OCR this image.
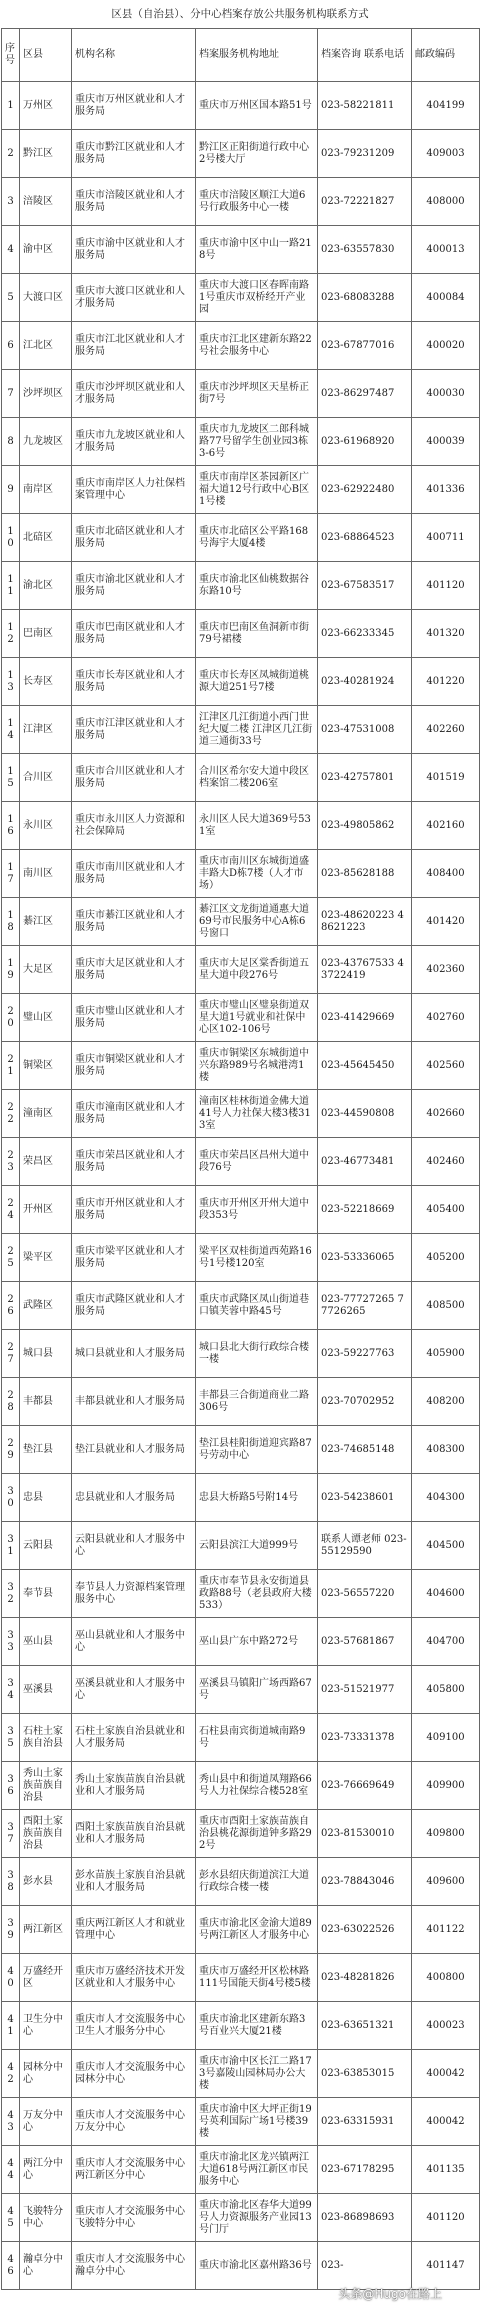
区县（自治县）、分中心档案存放公共服务机构联系方式
序号	区县	机构名称	档案服务机构地址	档案咨询 联系电话	邮政编码
1	万州区	重庆市万州区就业和人才服务局	重庆市万州区国本路51号	023-58221811	404199
2	黔江区	重庆市黔江区就业和人才服务局	黔江区正阳街道行政中心2号楼大厅	023-79231209	409003
3	涪陵区	重庆市涪陵区就业和人才服务局	重庆市涪陵区顺江大道6号行政服务中心一楼	023-72221827	408000
4	渝中区	重庆市渝中区就业和人才服务局	重庆市渝中区中山一路218号	023-63557830	400013
5	大渡口区	重庆市大渡口区就业和人才服务局	重庆市大渡口区春晖南路1号重庆市双桥经开产业园	023-68083288	400084
6	江北区	重庆市江北区就业和人才服务局	重庆市江北区建新东路22号社会服务中心	023-67877016	400020
7	沙坪坝区	重庆市沙坪坝区就业和人才服务局	重庆市沙坪坝区天星桥正街7号	023-86297487	400030
8	九龙坡区	重庆市九龙坡区就业和人才服务局	重庆市九龙坡区二郎科城路77号留学生创业园3栋3-6号	023-61968920	400039
9	南岸区	重庆市南岸区人力社保档案管理中心	重庆市南岸区茶园新区广福大道12号行政中心B区1号楼	023-62922480	401336
10	北碚区	重庆市北碚区就业和人才服务局	重庆市北碚区公平路168号海宇大厦4楼	023-68864523	400711
11	渝北区	重庆市渝北区就业和人才服务局	重庆市渝北区仙桃数据谷东路10号	023-67583517	401120
12	巴南区	重庆市巴南区就业和人才服务局	重庆市巴南区鱼洞新市街79号裙楼	023-66233345	401320
13	长寿区	重庆市长寿区就业和人才服务局	重庆市长寿区凤城街道桃源大道251号7楼	023-40281924	401220
14	江津区	重庆市江津区就业和人才服务局	江津区几江街道小西门世纪大厦二楼 江津区几江街道三通街33号	023-47531008	402260
15	合川区	重庆市合川区就业和人才服务局	合川区希尔安大道中段区档案馆二楼206室	023-42757801	401519
16	永川区	重庆市永川区人力资源和社会保障局	永川区人民大道369号531室	023-49805862	402160
17	南川区	重庆市南川区就业和人才服务局	重庆市南川区东城街道盛丰路大D栋7楼（人才市场）	023-85628188	408400
18	綦江区	重庆市綦江区就业和人才服务局	綦江区文龙街道通惠大道69号市民服务中心A栋6号窗口	023-48620223 48621223	401420
19	大足区	重庆市大足区就业和人才服务局	重庆市大足区棠香街道五星大道中段276号	023-43767533 43722419	402360
20	璧山区	重庆市璧山区就业和人才服务局	重庆市璧山区璧泉街道双星大道1号就业和社保中心区102-106号	023-41429669	402760
21	铜梁区	重庆市铜梁区就业和人才服务局	重庆市铜梁区东城街道中兴东路989号名城港湾1楼	023-45645450	402560
22	潼南区	重庆市潼南区就业和人才服务局	潼南区桂林街道金佛大道41号人力社保大楼3楼313室	023-44590808	402660
23	荣昌区	重庆市荣昌区就业和人才服务局	重庆市荣昌区昌州大道中段76号	023-46773481	402460
24	开州区	重庆市开州区就业和人才服务局	重庆市开州区开州大道中段353号	023-52218669	405400
25	梁平区	重庆市梁平区就业和人才服务局	梁平区双桂街道西苑路16号1号楼120室	023-53336065	405200
26	武隆区	重庆市武隆区就业和人才服务局	重庆市武隆区凤山街道巷口镇芙蓉中路45号	023-77727265 77726265	408500
27	城口县	城口县就业和人才服务局	城口县北大街行政综合楼一楼	023-59227763	405900
28	丰都县	丰都县就业和人才服务局	丰都县三合街道商业二路306号	023-70702952	408200
29	垫江县	垫江县就业和人才服务局	垫江县桂阳街道迎宾路87号劳动中心	023-74685148	408300
30	忠县	忠县就业和人才服务局	忠县大桥路5号附14号	023-54238601	404300
31	云阳县	云阳县就业和人才服务中心	云阳县滨江大道999号	联系人谭老师 023-55129590	404500
32	奉节县	奉节县人力资源档案管理服务中心	重庆市奉节县永安街道县政路88号（老县政府大楼533）	023-56557220	404600
33	巫山县	巫山县就业和人才服务中心	巫山县广东中路272号	023-57681867	404700
34	巫溪县	巫溪县就业和人才服务中心	巫溪县马镇阳广场西路67号	023-51521977	405800
35	石柱土家族自治县	石柱土家族自治县就业和人才服务局	石柱县南宾街道城南路9号	023-73331378	409100
36	秀山土家族苗族自治县	秀山土家族苗族自治县就业和人才服务局	秀山县中和街道凤翔路66号人力社保综合楼528室	023-76669649	409900
37	酉阳土家族苗族自治县	酉阳土家族苗族自治县就业和人才服务局	重庆市酉阳土家族苗族自治县桃花源街道钟多路292号	023-81530010	409800
38	彭水县	彭水苗族土家族自治县就业和人才服务局	彭水县绍庆街道滨江大道行政综合楼一楼	023-78843046	409600
39	两江新区	重庆两江新区人才和就业管理中心	重庆市渝北区金渝大道89号两江新区人才服务中心	023-63022526	401122
40	万盛经开区	重庆市万盛经济技术开发区就业和人才服务中心	重庆市万盛经开区松林路111号国能天街4号楼5楼	023-48281826	400800
41	卫生分中心	重庆市人才交流服务中心卫生人才服务分中心	重庆市渝北区建新东路3号百业兴大厦21楼	023-63651321	400023
42	园林分中心	重庆市人才交流服务中心园林分中心	重庆市渝中区长江二路173号嘉陵山园林局办公大楼	023-63853015	400042
43	万友分中心	重庆市人才交流服务中心万友分中心	重庆市渝中区大坪正街19号英利国际广场1号楼39楼	023-63315931	400042
44	两江分中心	重庆市人才交流服务中心两江新区分中心	重庆市渝北区龙兴镇两江大道618号两江新区市民服务中心	023-67178295	401135
45	飞骏特分中心	重庆市人才交流服务中心飞骏特分中心	重庆市渝北区春华大道99号人力资源服务产业园13号门厅	023-86898693	401120
46	瀚卓分中心	重庆市人才交流服务中心瀚卓分中心	重庆市渝北区嘉州路36号	023-	401147
头条@Hugo在路上
